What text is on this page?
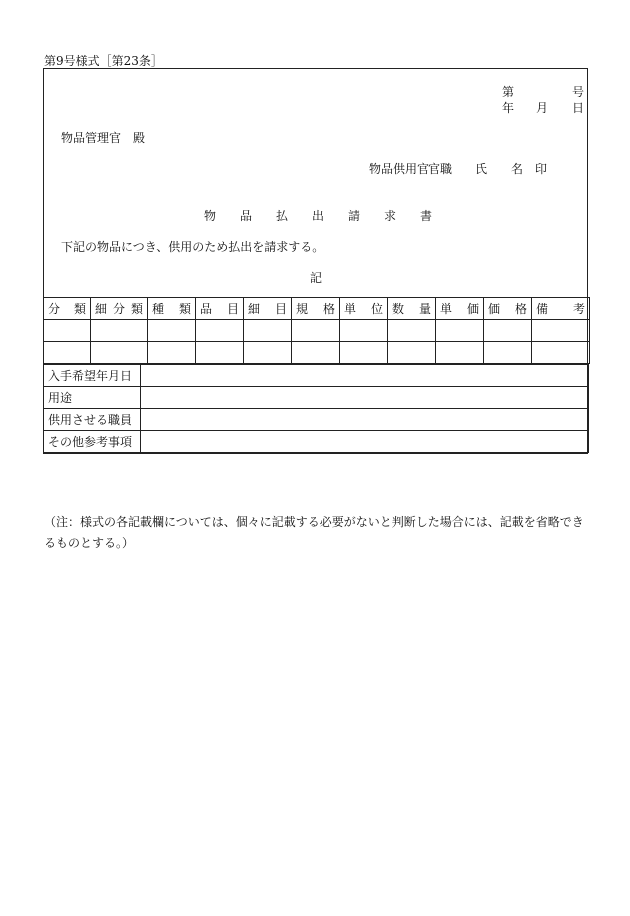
第9号様式［第23条］
第	号
年 月 日
物品管理官　殿
物品供用官
官職 氏 名 印
物 品 払 出 請 求 書
下記の物品につき、供用のため払出を請求する。
記
分 類	細 分 類	種 類	品 目	細 目	規 格	単 位	数 量	単 価	価 格	備 考

入手希望年月日	
用途	
供用させる職員	
その他参考事項	
（注：様式の各記載欄については、個々に記載する必要がないと判断した場合には、記載を省略できるものとする。）
